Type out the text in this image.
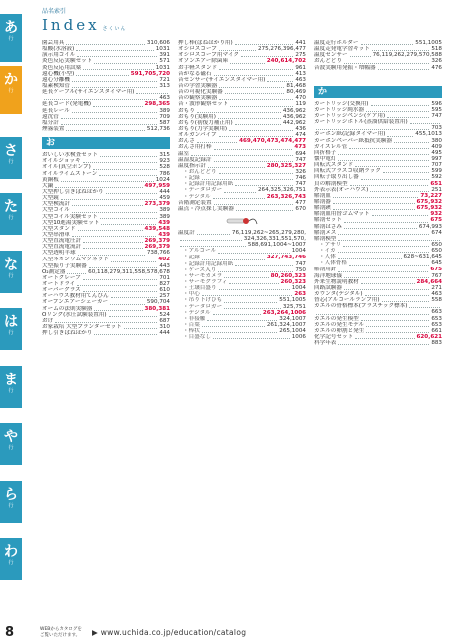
あ
行
か
行
さ
行
た
行
な
行
は
行
ま
行
や
行
ら
行
わ
行
品名索引
Index さくいん
園芸用具	310,606
塩酸(水溶液)	1031
演示用コイル	391
炎色反応実験セット	571
炎色反応用試薬	1031
遠心機(小型)	591,705,720
遠心分離機	721
塩素検知管	313
延長ケーブル(サイエンスタイマー用)
463
延長コード(発電機)	298,365
延長レール	389
遠沈管	709
塩分計	587
煙霧装置	512,736
お
おいしい水検査セット	315
オイルジョッキ	923
オイル(真空ポンプ)	528
オイルライムストーン	786
黄銅板	1024
大鍋	497,959
大型押し引きばねはかり	444
大型鏡	459
大型検流計	273,379
大型コイル	389
大型コイル実験セット	389
大型10進湯実験セット	439
大型スタンド	439,548
大型串滑車	439
大型直流電圧計	269,379
大型直流電流計	269,379
大型透明半球	738,766
大型ネオジウムマグネット	402
大型振り子実験器	443
O₂測定器	60,118,279,311,558,578,678
オートクレーブ	701
オートドライ	827
オーバーグラス	610
オーハウス教材用てんびん	257
オープンエアーシェーカー	590,704
オームの法則実験器	380,381
Oリング(水圧試験装置用)	524
おけ	687
お家栽培 大型プランターセット	310
押し引きばねはかり	444
押し棒(ばねはかり用)	441
オシロスコープ	275,276,396,477
オシロスコープ用マイク	275
オゾンエアー除菌庫	240,614,702
お手軽スタンド	961
音がなる磁石	413
音センサー(サイエンスタイマー用)	463
音の学習実験器	81,468
音の可視化実験器	80,469
音の観察実験器	470
音・波形観察セット	119
おもり	436,962
おもり(実験用)	436,962
おもり(初復力補正用)	442,962
おもり(力学実験用)	436
オルガンパイプ	474
おんさ	469,470,473,474,477
おんさ用打棒	473
温室	694
温湿度記録計	747
温度指示計	280,325,327
・おんどどり	326
・記録	746
・記録計用記録用紙	747
・データロガー	264,325,326,751
・デジタル	263,326,743
音階測定装置	477
温点・冷点探し実験器	670
温度計	76,119,262~265,279,280,
324,326,331,551,570,
588,691,1004~1007
・アルコール	1004
・記録	327,743,746
・記録計用記録用紙	747
・ケース入り	750
・サーモカメラ	80,260,323
・サーモグラフィ	260,323
・土壌目盛り	1004
・中心	263
・吊り下げひも	551,1005
・データロガー	325,751
・デジタル	263,264,1006
・非接触	324,1007
・百葉	261,324,1007
・棒状	265,1004
・目盛なし	1006
温度走行ホルダー	551,1005
温度走発電学習キット	518
温度センサー	76,119,262,279,570,588
おんどどり	326
音波実験用発振・増幅器	476
か
カートリッジ(交換用)	596
カートリッジ純水器	595
カートリッジペンシ(ケア用)	747
カートリッジボトル(蒸溜供給装置用)
703
カーボン紙(記録タイマー用)	455,1013
カーボンペーパー紙抵抗実験器	380
ガイスレル管	409
回折格子	495
懐中電灯	997
回転式スタンド	707
回転式フラスコ収納ラック	599
回転子取り出し器	592
貝の解剖模型	651
外表示表(オーハウス)	251
解剖皿	73,227
解剖器	675,932
解剖鋏	675,932
解剖皿用替ゴムマット	932
解剖セット	675
解剖はさみ	674,993
解剖メス	674
解剖模型
・アサリ	650
・イカ	650
・人体	628~631,645
・人体骨格	645
解剖用針	675
海洋地球儀	767
外来生物説明教材	284,664
回路試験器	271
カウンタ(デジタル)	463
替芯(アルコールランプ用)	558
カエルの骨格標本(プラスチック標本)
663
カエルの発生模型	653
カエルの発生モデル	653
カエルの卵割と発生	661
化学記号セット	620,621
科学年表	883
8	WEBからカタログをご覧いただけます。	▶ www.uchida.co.jp/education/catalog
